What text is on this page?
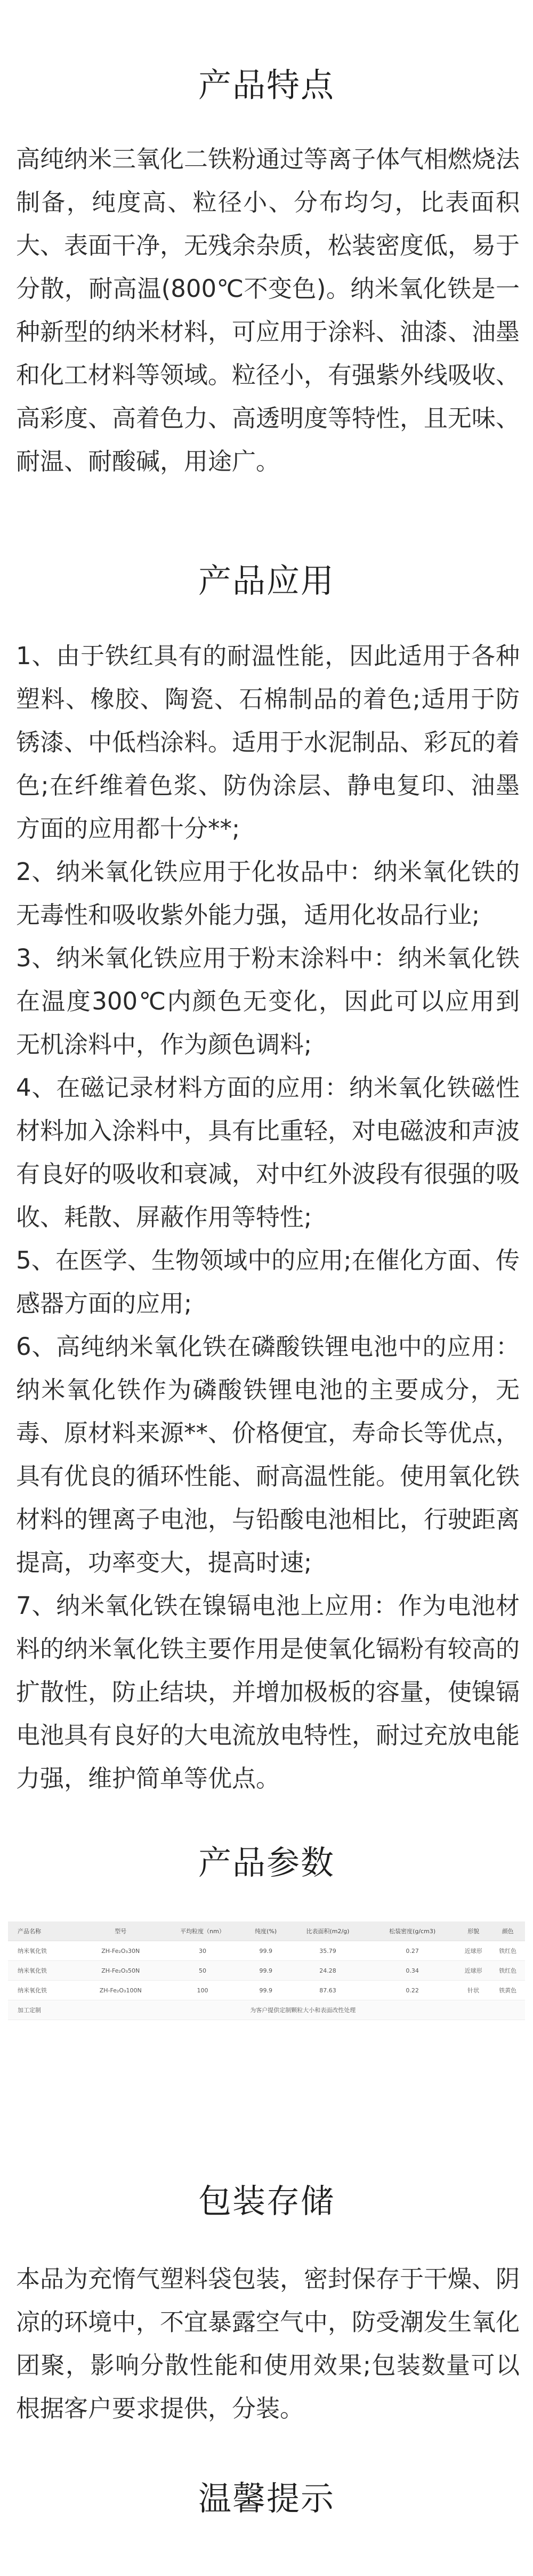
产品特点

高纯纳米三氧化二铁粉通过等离子体气相燃烧法制备，纯度高、粒径小、分布均匀，比表面积大、表面干净，无残余杂质，松装密度低，易于分散，耐高温(800℃不变色)。纳米氧化铁是一种新型的纳米材料，可应用于涂料、油漆、油墨和化工材料等领域。粒径小，有强紫外线吸收、高彩度、高着色力、高透明度等特性，且无味、耐温、耐酸碱，用途广。

产品应用

1、由于铁红具有的耐温性能，因此适用于各种塑料、橡胶、陶瓷、石棉制品的着色;适用于防锈漆、中低档涂料。适用于水泥制品、彩瓦的着色;在纤维着色浆、防伪涂层、静电复印、油墨方面的应用都十分**;

2、纳米氧化铁应用于化妆品中：纳米氧化铁的无毒性和吸收紫外能力强，适用化妆品行业;

3、纳米氧化铁应用于粉末涂料中：纳米氧化铁在温度300℃内颜色无变化，因此可以应用到无机涂料中，作为颜色调料;

4、在磁记录材料方面的应用：纳米氧化铁磁性材料加入涂料中，具有比重轻，对电磁波和声波有良好的吸收和衰减，对中红外波段有很强的吸收、耗散、屏蔽作用等特性;

5、在医学、生物领域中的应用;在催化方面、传感器方面的应用;

6、高纯纳米氧化铁在磷酸铁锂电池中的应用：纳米氧化铁作为磷酸铁锂电池的主要成分，无毒、原材料来源**、价格便宜，寿命长等优点，具有优良的循环性能、耐高温性能。使用氧化铁材料的锂离子电池，与铅酸电池相比，行驶距离提高，功率变大，提高时速;

7、纳米氧化铁在镍镉电池上应用：作为电池材料的纳米氧化铁主要作用是使氧化镉粉有较高的扩散性，防止结块，并增加极板的容量，使镍镉电池具有良好的大电流放电特性，耐过充放电能力强，维护简单等优点。

产品参数
产品名称	型号	平均粒度（nm）	纯度(%)	比表面积(m2/g)	松装密度(g/cm3)	形貌	颜色
纳米氧化铁	ZH-Fe₂O₃30N	30	99.9	35.79	0.27	近球形	铁红色
纳米氧化铁	ZH-Fe₂O₃50N	50	99.9	24.28	0.34	近球形	铁红色
纳米氧化铁	ZH-Fe₂O₃100N	100	99.9	87.63	0.22	针状	铁黄色
加工定制	为客户提供定制颗粒大小和表面改性处理						
包装存储

本品为充惰气塑料袋包装，密封保存于干燥、阴凉的环境中，不宜暴露空气中，防受潮发生氧化团聚，影响分散性能和使用效果;包装数量可以根据客户要求提供，分装。

温馨提示
